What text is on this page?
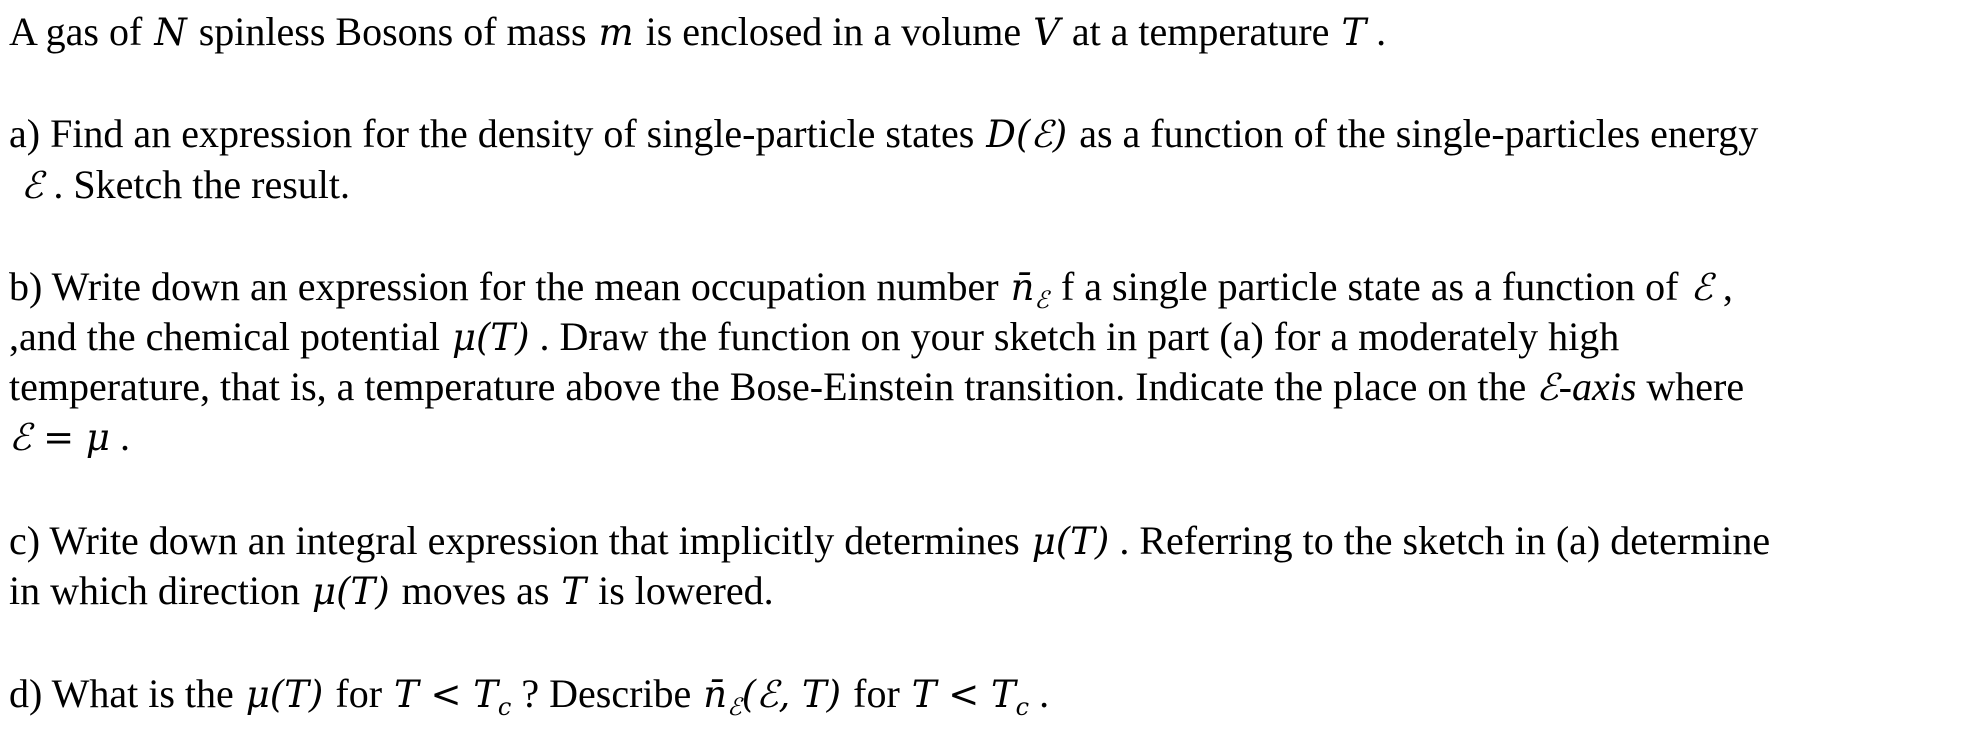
A gas of N spinless Bosons of mass m is enclosed in a volume V at a temperature T .
a) Find an expression for the density of single-particle states D(ℰ) as a function of the single-particles energy
ℰ . Sketch the result.
b) Write down an expression for the mean occupation number $n̄_ℰ$ f a single particle state as a function of ℰ ,
,and the chemical potential μ(T) . Draw the function on your sketch in part (a) for a moderately high
temperature, that is, a temperature above the Bose-Einstein transition. Indicate the place on the ℰ-axis where
ℰ = μ .
c) Write down an integral expression that implicitly determines μ(T) . Referring to the sketch in (a) determine
in which direction μ(T) moves as T is lowered.
d) What is the μ(T) for $T < T_c$ ? Describe $n̄_ℰ(ℰ$, T) for $T < T_c$ .
